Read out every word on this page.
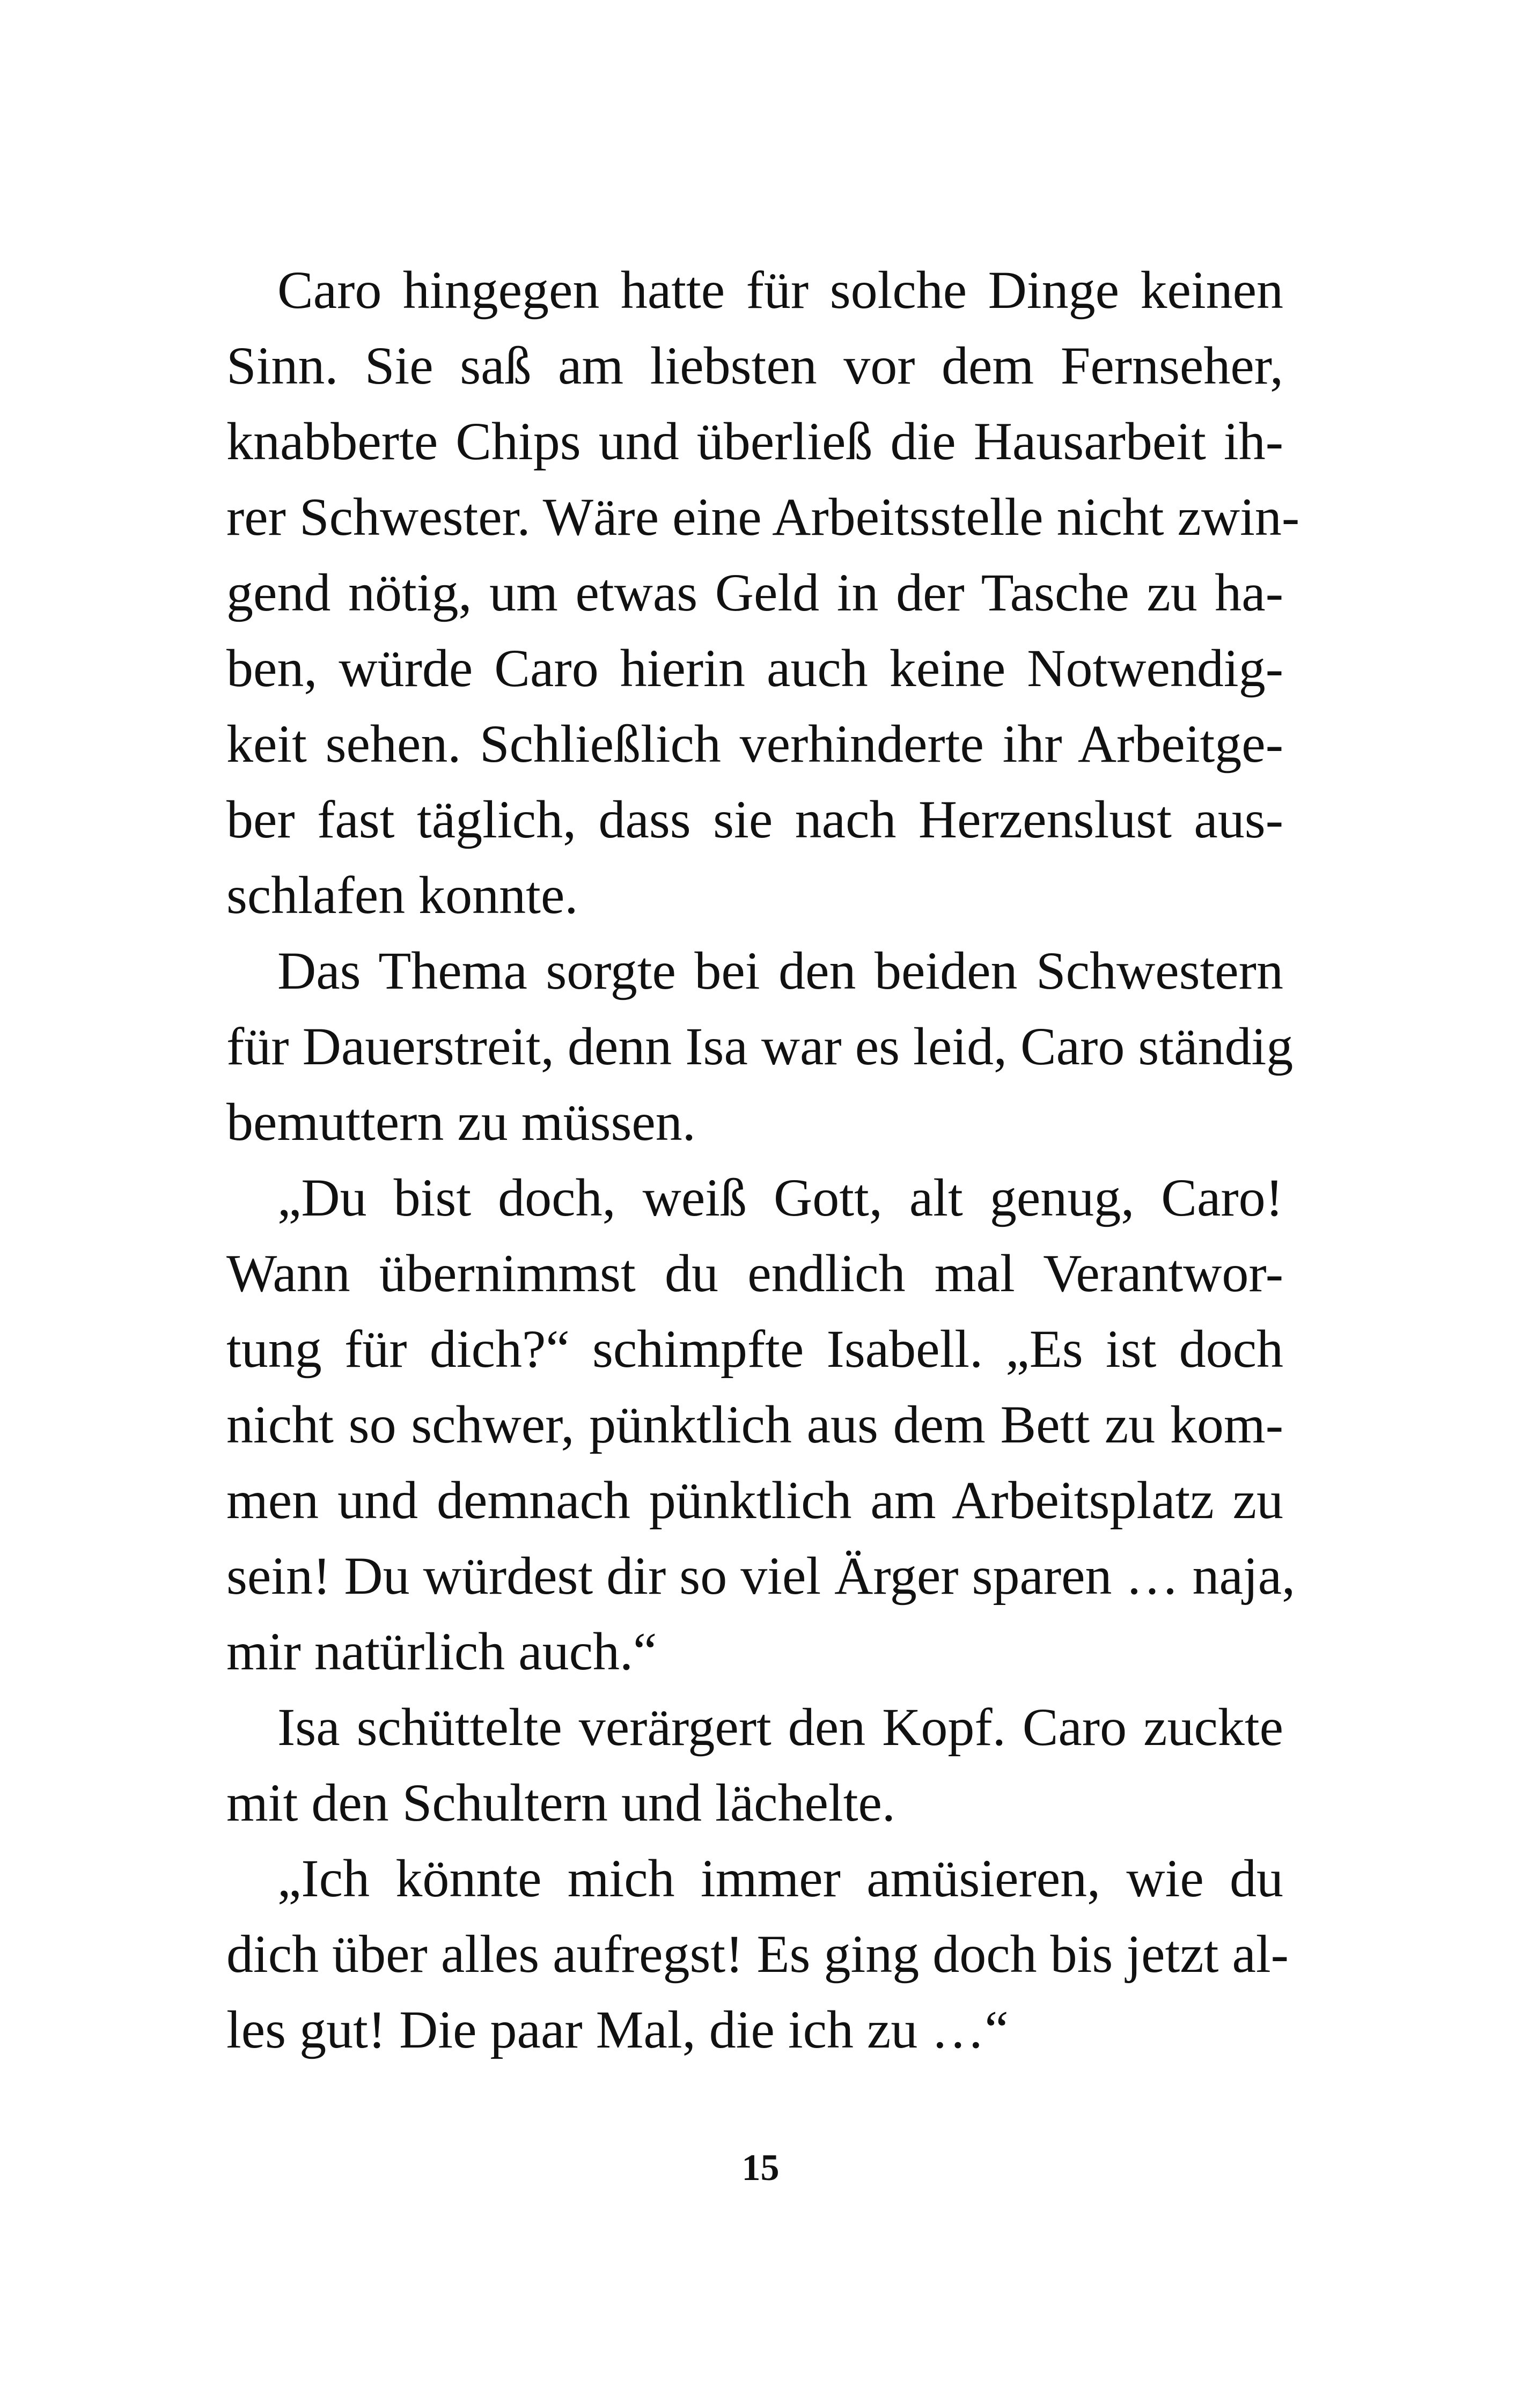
Caro hingegen hatte für solche Dinge keinen
Sinn. Sie saß am liebsten vor dem Fernseher,
knabberte Chips und überließ die Hausarbeit ih-
rer Schwester. Wäre eine Arbeitsstelle nicht zwin-
gend nötig, um etwas Geld in der Tasche zu ha-
ben, würde Caro hierin auch keine Notwendig-
keit sehen. Schließlich verhinderte ihr Arbeitge-
ber fast täglich, dass sie nach Herzenslust aus-
schlafen konnte.
Das Thema sorgte bei den beiden Schwestern
für Dauerstreit, denn Isa war es leid, Caro ständig
bemuttern zu müssen.
„Du bist doch, weiß Gott, alt genug, Caro!
Wann übernimmst du endlich mal Verantwor-
tung für dich?“ schimpfte Isabell. „Es ist doch
nicht so schwer, pünktlich aus dem Bett zu kom-
men und demnach pünktlich am Arbeitsplatz zu
sein! Du würdest dir so viel Ärger sparen … naja,
mir natürlich auch.“
Isa schüttelte verärgert den Kopf. Caro zuckte
mit den Schultern und lächelte.
„Ich könnte mich immer amüsieren, wie du
dich über alles aufregst! Es ging doch bis jetzt al-
les gut! Die paar Mal, die ich zu …“
15
